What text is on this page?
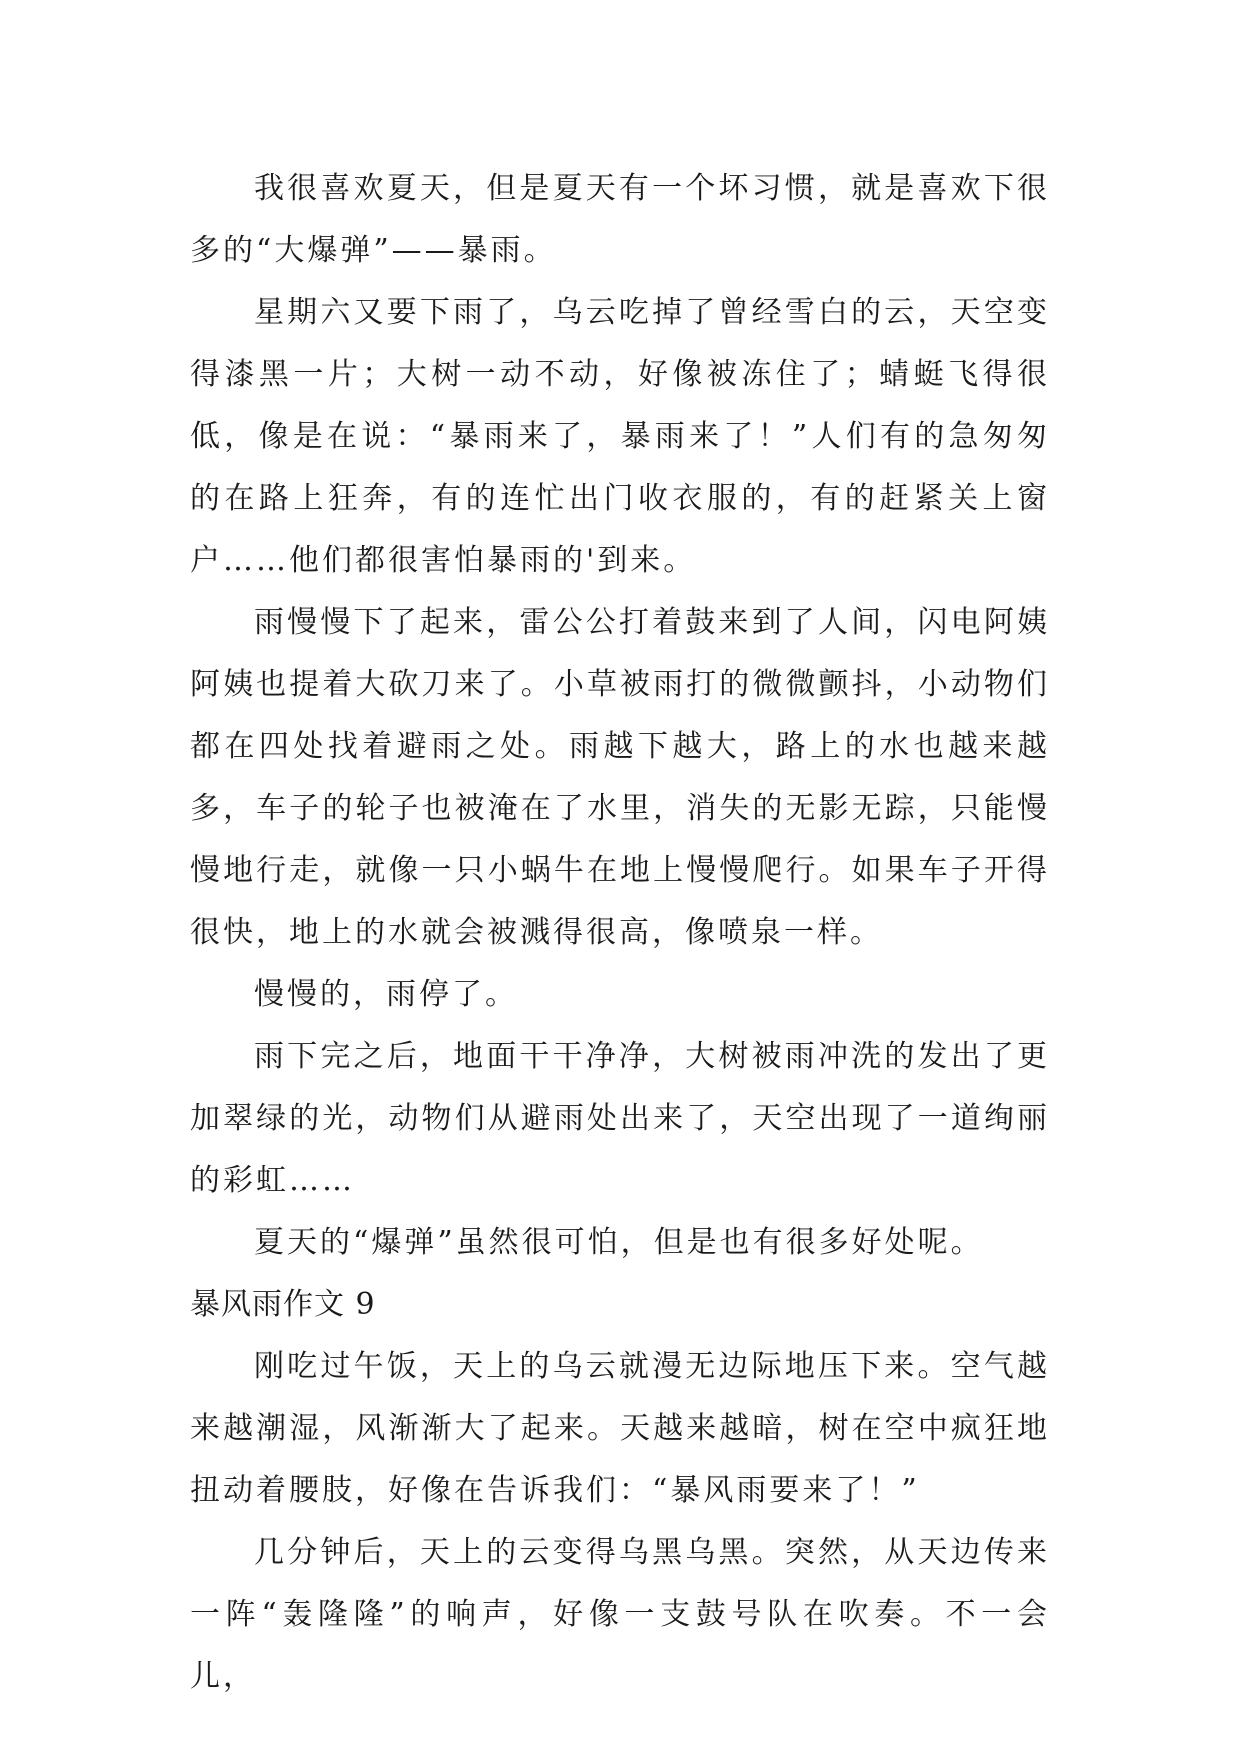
我很喜欢夏天，但是夏天有一个坏习惯，就是喜欢下很多的“大爆弹”——暴雨。

星期六又要下雨了，乌云吃掉了曾经雪白的云，天空变得漆黑一片；大树一动不动，好像被冻住了；蜻蜓飞得很低，像是在说：“暴雨来了，暴雨来了！”人们有的急匆匆的在路上狂奔，有的连忙出门收衣服的，有的赶紧关上窗户……他们都很害怕暴雨的'到来。

雨慢慢下了起来，雷公公打着鼓来到了人间，闪电阿姨阿姨也提着大砍刀来了。小草被雨打的微微颤抖，小动物们都在四处找着避雨之处。雨越下越大，路上的水也越来越多，车子的轮子也被淹在了水里，消失的无影无踪，只能慢慢地行走，就像一只小蜗牛在地上慢慢爬行。如果车子开得很快，地上的水就会被溅得很高，像喷泉一样。

慢慢的，雨停了。

雨下完之后，地面干干净净，大树被雨冲洗的发出了更加翠绿的光，动物们从避雨处出来了，天空出现了一道绚丽的彩虹……

夏天的“爆弹”虽然很可怕，但是也有很多好处呢。

暴风雨作文 9

刚吃过午饭，天上的乌云就漫无边际地压下来。空气越来越潮湿，风渐渐大了起来。天越来越暗，树在空中疯狂地扭动着腰肢，好像在告诉我们：“暴风雨要来了！”

几分钟后，天上的云变得乌黑乌黑。突然，从天边传来一阵“轰隆隆”的响声，好像一支鼓号队在吹奏。不一会儿，
